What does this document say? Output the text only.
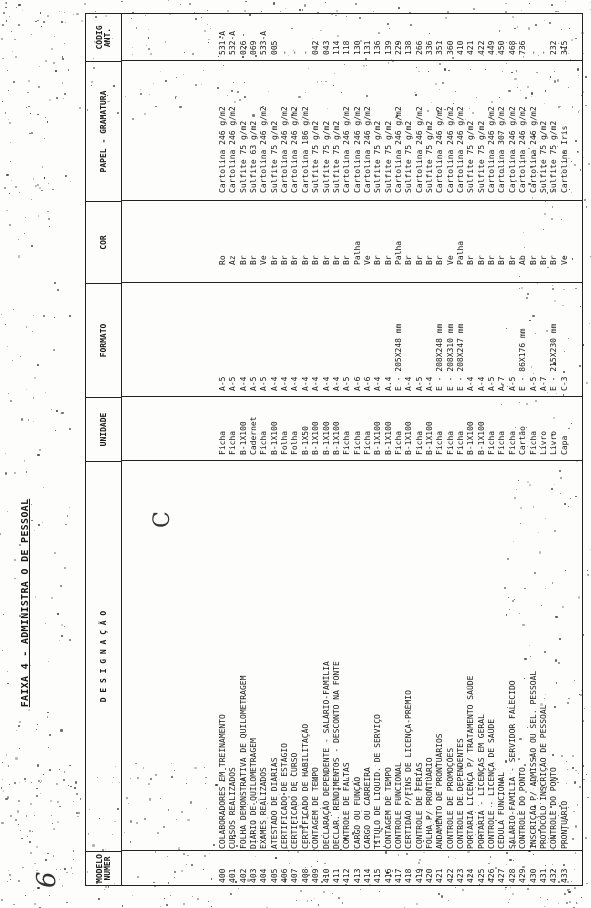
6
FAIXA 4 - ADMINISTRA O DE PESSOAL	C
MODELO
NUMER
D E S I G N A Ç Ã O
UNIDADE
FORMATO
COR
PAPEL - GRAMATURA
CÓDIG
ANT.
400
COLABORADORES EM TREINAMENTO
Ficha
A-5
Ro
Cartolina 246 g/m2
531-A
401
CURSOS REALIZADOS
Ficha
A-5
Az
Cartolina 246 g/m2
532-A
402
FOLHA DEMONSTRATIVA DE QUILOMETRAGEM
B-1X100
A-4
Br
Sulfite 75 g/m2
026
403
DIÁRIO DE QUILOMETRAGEM
Cadernet
A-5
Br
Sulfite 63 g/m2
069
404
EXAMES REALIZADOS
Ficha
A-5
Ve
Cartolina 246 g/m2
533-A
405
ATESTADO DE DIÁRIAS
B-1X100
A-4
Br
Sulfite 75 g/m2
005
406
CERTIFICADO DE ESTÁGIO
Folha
A-4
Br
Cartolina 246 g/m2
-
407
CERTIFICADO DE CURSO
Folha
A-4
Br
Cartolina 246 g/m2
-
408
CERTIFICADO DE HABILITAÇÃO
B-1X50
A-4
Br
Cartolina 186 g/m2
-
409
CONTAGEM DE TEMPO
B-1X100
A-4
Br
Sulfite 75 g/m2
042
410
DECLARAÇÃO DEPENDENTE - SALÁRIO-FAMÍLIA
B-1X100
A-4
Br
Sulfite 75 g/m2
043
411
DECLAR. RENDIMENTOS - DESCONTO NA FONTE
B-1X100
A-4
Br
Sulfite 75 g/m2
114
412
CONTROLE DE FALTAS
Ficha
A-5
Br
Cartolina 246 g/m2
118
413
CARGO OU FUNÇÃO
Ficha
A-6
Palha
Cartolina 246 g/m2
130
414
CARGO OU CARREIRA
Ficha
A-6
Ve
Cartolina 246 g/m2
131
415
TÍTULO DE LIQUID. DE SERVIÇO
B-1X100
A-4
Br
Sulfite 75 g/m2
136
416
CONTAGEM DE TEMPO
B-1X100
A.4
Br
Sulfite 75 g/m2
139
417
CONTROLE FUNCIONAL
Ficha
E - 205X248 mm
Palha
Cartolina 246 g/m2
229
418
CERTIDÃO P/FINS DE LICENÇA-PRÊMIO
B-1X100
A-4
Br
Sulfite 75 g/m2
138
419
CONTROLE DE FÉRIAS
Ficha
A-5
Br
Cartolina 246 g/m2
266
420
FOLHA P/ PRONTUÁRIO
B-1X100
A-4
Br
Sulfite 75 g/m2
336
421
ANDAMENTO DE PRONTUÁRIOS
Ficha
E - 208X248 mm
Br
Cartolina 246 g/m2
351
422
CONTROLE DE PROMOÇÕES
Ficha
E - 208X310 mm
Ve
Cartolina 246 g/m2
360
423
CONTROLE DE DEPENDENTES
Ficha
E - 208X247 mm
Palha
Cartolina 246 g/m2
410
424
PORTARIA LICENÇA P/ TRATAMENTO SAÚDE
B-1X100
A-4
Br
Sulfite 75 g/m2
421
425
PORTARIA - LICENÇAS EM GERAL
B-1X100
A-4
Br
Sulfite 75 g/m2
422
426
CONTROLE - LICENÇA DE SAÚDE
Ficha
A-5
Br
Cartolina 246 g/m2
449
427
CÉDULA FUNCIONAL
Ficha
A-7
Br
Cartolina 307 g/m2
450
428
SALÁRIO-FAMÍLIA - SERVIDOR FALECIDO
Ficha
A-5
Br
Cartolina 246 g/m2
468
429
CONTROLE DO PONTO
Cartão
E - 86X176 mm
Ab
Cartolina 246 g/m2
736
430
INSCRIÇÃO P/ ADMISSÃO OU SEL. PESSOAL
Ficha
A-5
Br
Cartolina 246 g/m2
-
431
PROTOCOLO INSCRIÇÃO DE PESSOAL
Livro
A-7
Br
Sulfite 75 g/m2
-
432
CONTROLE DO PONTO
Livro
E - 215X230 mm
Br
Sulfite 75 g/m2
232
433
PRONTUÁRIO
Capa
C-3
Ve
Cartolina Iris
315
